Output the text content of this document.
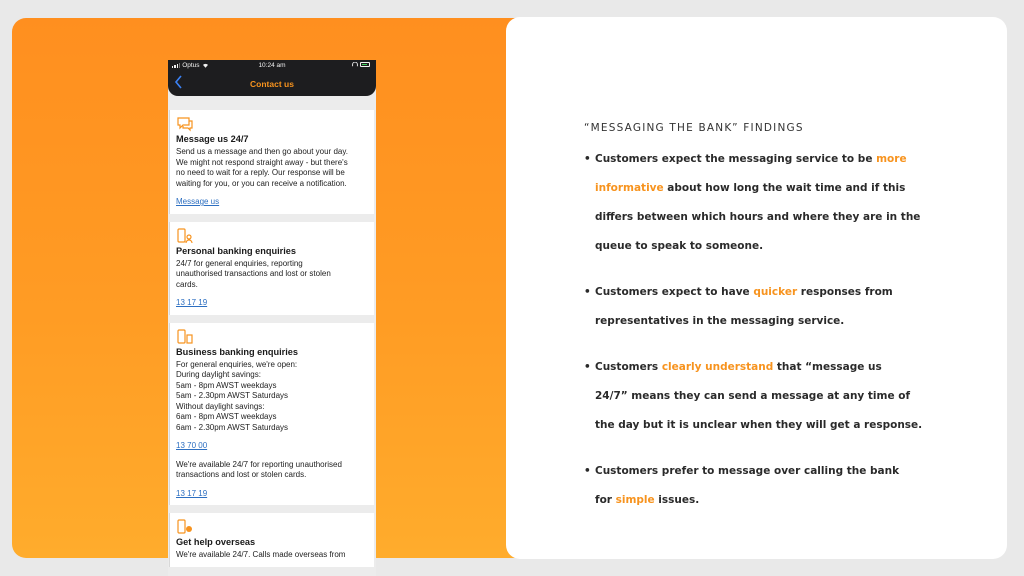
Optus	10:24 am
Contact us
Message us 24/7

Send us a message and then go about your day.
We might not respond straight away - but there's
no need to wait for a reply. Our response will be
waiting for you, or you can receive a notification.

Message us
Personal banking enquiries

24/7 for general enquiries, reporting
unauthorised transactions and lost or stolen
cards.

13 17 19
Business banking enquiries

For general enquiries, we're open:
During daylight savings:
5am - 8pm AWST weekdays
5am - 2.30pm AWST Saturdays
Without daylight savings:
6am - 8pm AWST weekdays
6am - 2.30pm AWST Saturdays

13 70 00

We're available 24/7 for reporting unauthorised
transactions and lost or stolen cards.

13 17 19
Get help overseas

We're available 24/7. Calls made overseas from

“MESSAGING THE BANK” FINDINGS
• Customers expect the messaging service to be more
informative about how long the wait time and if this
differs between which hours and where they are in the
queue to speak to someone.
• Customers expect to have quicker responses from
representatives in the messaging service.
• Customers clearly understand that “message us
24/7” means they can send a message at any time of
the day but it is unclear when they will get a response.
• Customers prefer to message over calling the bank
for simple issues.
